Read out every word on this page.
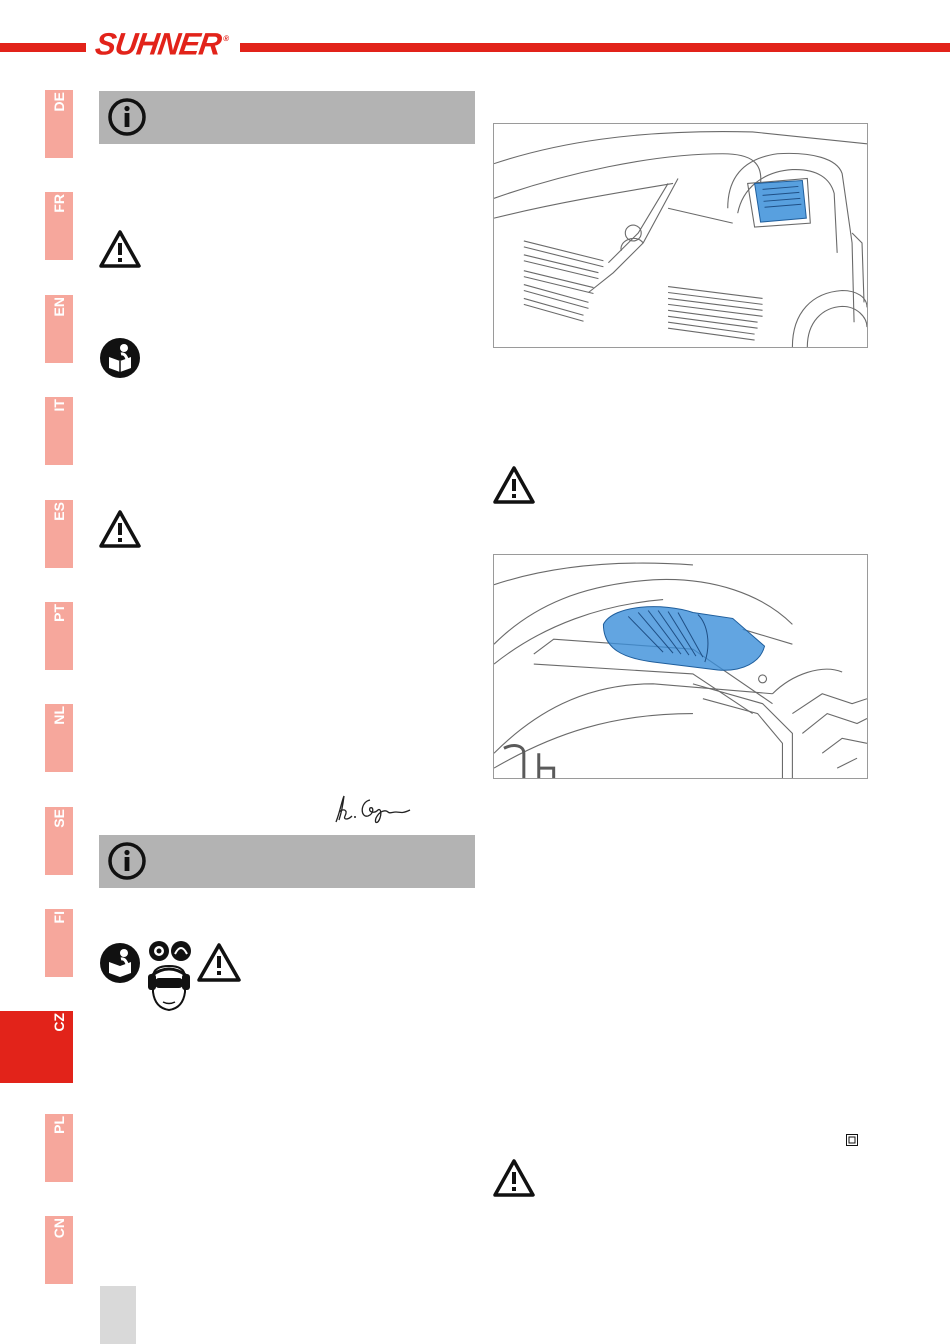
SUHNER®
DE
FR
EN
IT
ES
PT
NL
SE
FI
CZ
PL
CN
